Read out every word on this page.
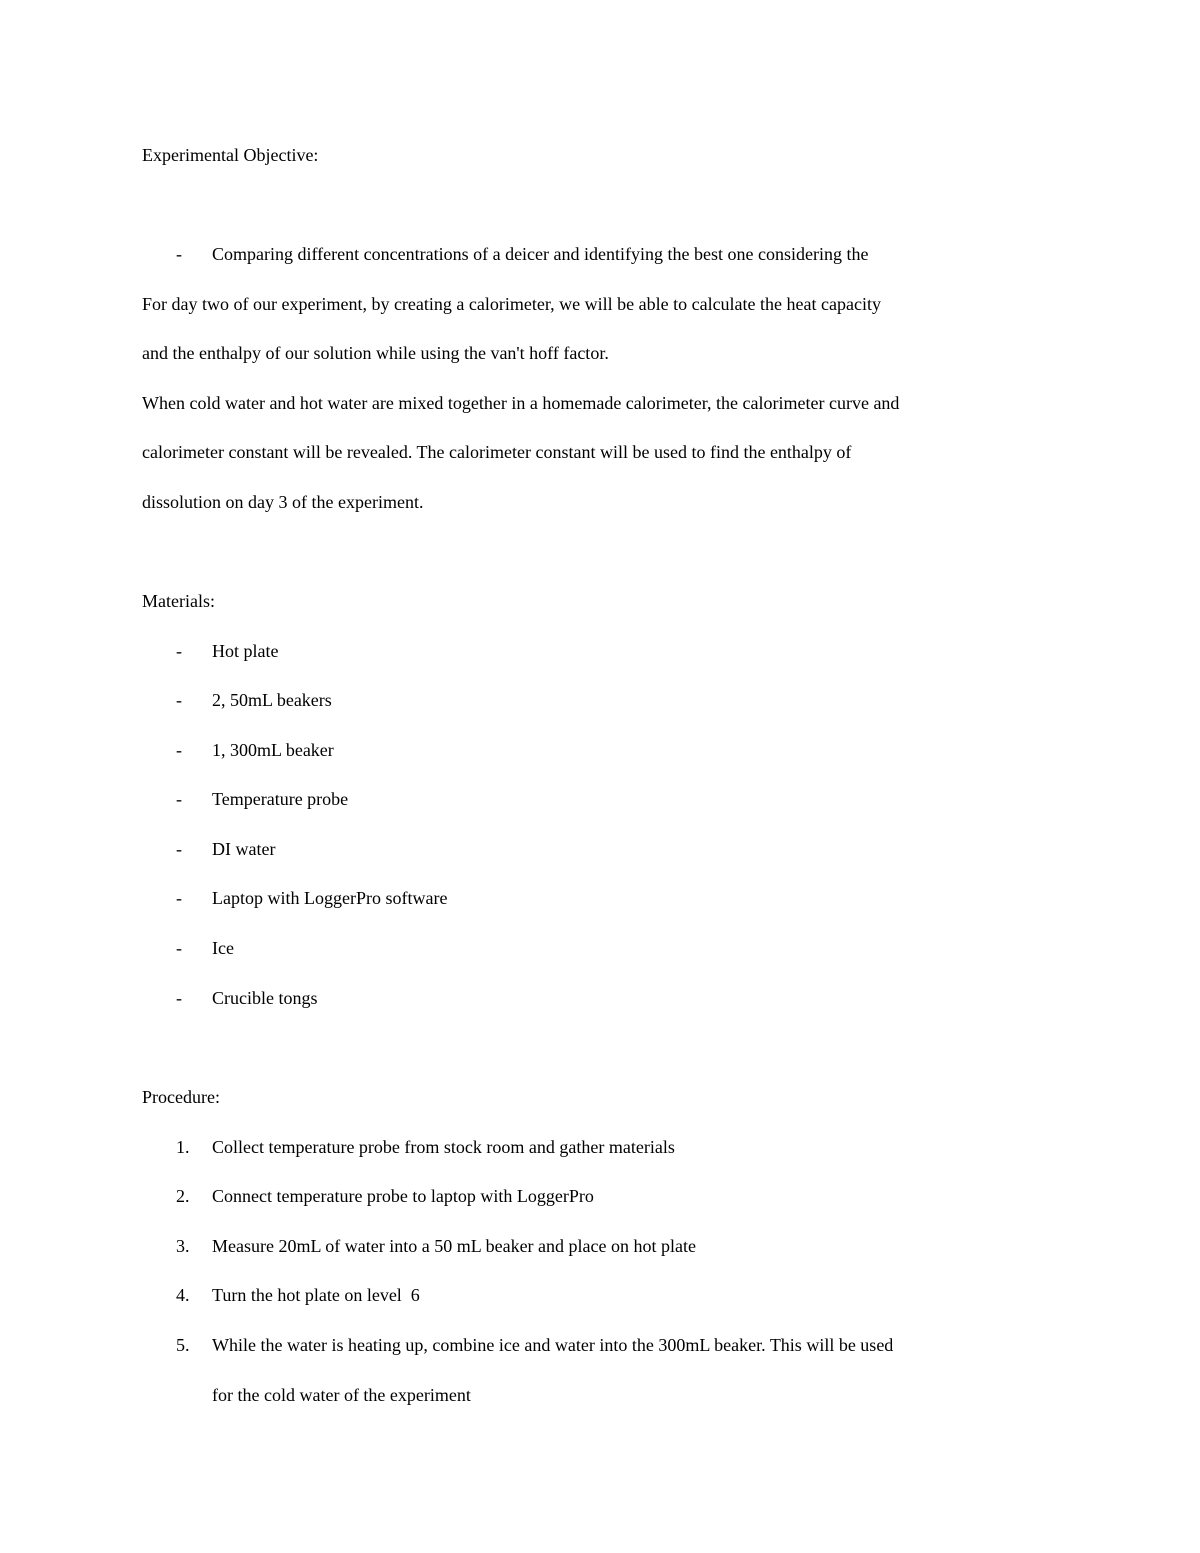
Experimental Objective:
-	Comparing different concentrations of a deicer and identifying the best one considering the
For day two of our experiment, by creating a calorimeter, we will be able to calculate the heat capacity
and the enthalpy of our solution while using the van't hoff factor.
When cold water and hot water are mixed together in a homemade calorimeter, the calorimeter curve and
calorimeter constant will be revealed. The calorimeter constant will be used to find the enthalpy of
dissolution on day 3 of the experiment.
Materials:
-	Hot plate
-	2, 50mL beakers
-	1, 300mL beaker
-	Temperature probe
-	DI water
-	Laptop with LoggerPro software
-	Ice
-	Crucible tongs
Procedure:
1. Collect temperature probe from stock room and gather materials
2. Connect temperature probe to laptop with LoggerPro
3. Measure 20mL of water into a 50 mL beaker and place on hot plate
4. Turn the hot plate on level  6
5. While the water is heating up, combine ice and water into the 300mL beaker. This will be used
for the cold water of the experiment
